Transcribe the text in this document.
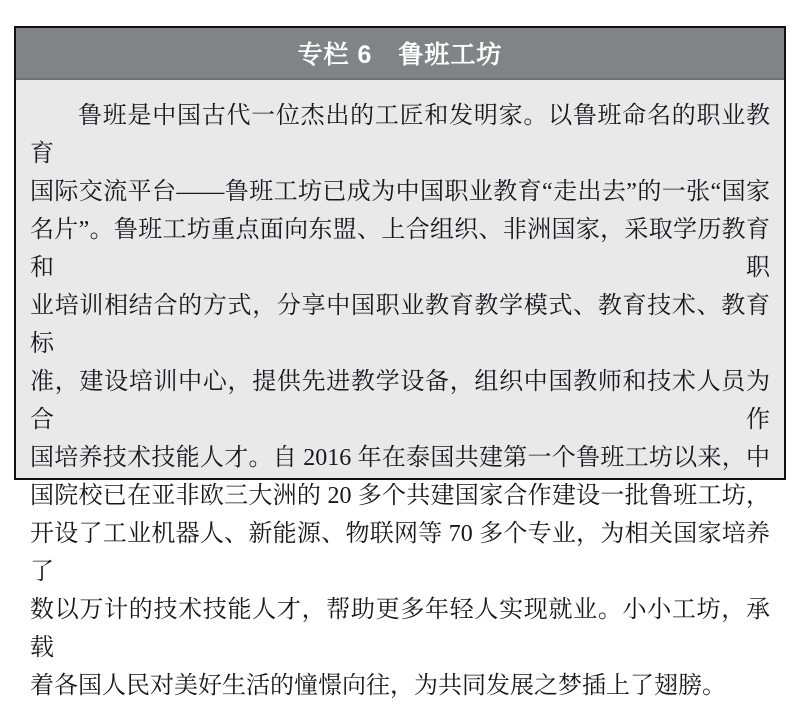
专栏 6　鲁班工坊

鲁班是中国古代一位杰出的工匠和发明家。以鲁班命名的职业教育

国际交流平台——鲁班工坊已成为中国职业教育“走出去”的一张“国家

名片”。鲁班工坊重点面向东盟、上合组织、非洲国家，采取学历教育和职

业培训相结合的方式，分享中国职业教育教学模式、教育技术、教育标

准，建设培训中心，提供先进教学设备，组织中国教师和技术人员为合作

国培养技术技能人才。自 2016 年在泰国共建第一个鲁班工坊以来，中

国院校已在亚非欧三大洲的 20 多个共建国家合作建设一批鲁班工坊，

开设了工业机器人、新能源、物联网等 70 多个专业，为相关国家培养了

数以万计的技术技能人才，帮助更多年轻人实现就业。小小工坊，承载

着各国人民对美好生活的憧憬向往，为共同发展之梦插上了翅膀。
